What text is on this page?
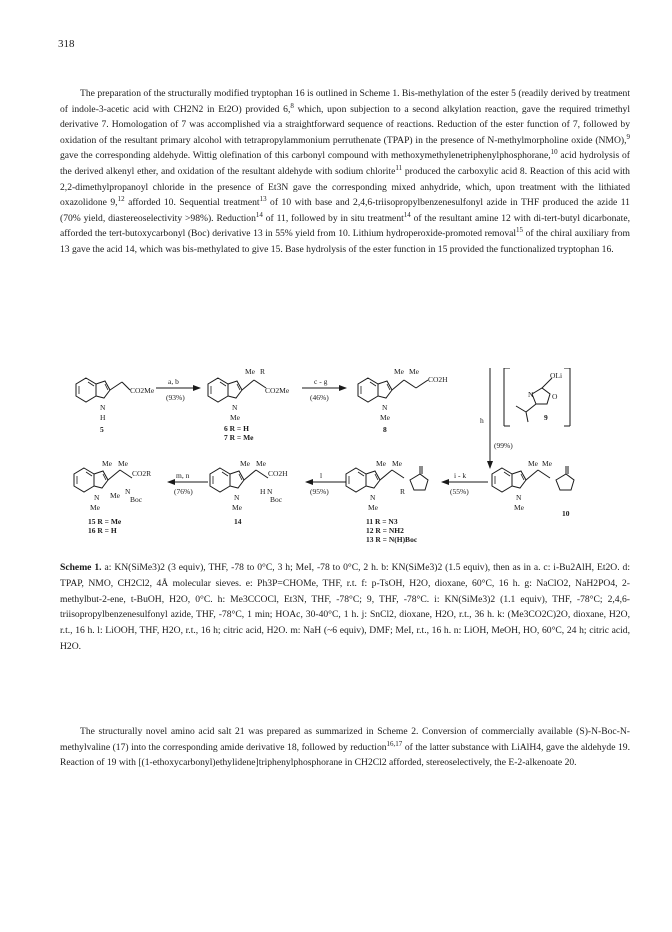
318

The preparation of the structurally modified tryptophan 16 is outlined in Scheme 1. Bis-methylation of the ester 5 (readily derived by treatment of indole-3-acetic acid with CH2N2 in Et2O) provided 6,$^8$ which, upon subjection to a second alkylation reaction, gave the required trimethyl derivative 7. Homologation of 7 was accomplished via a straightforward sequence of reactions. Reduction of the ester function of 7, followed by oxidation of the resultant primary alcohol with tetrapropylammonium perruthenate (TPAP) in the presence of N-methylmorpholine oxide (NMO),$^9$ gave the corresponding aldehyde. Wittig olefination of this carbonyl compound with methoxymethylenetriphenylphosphorane,$^{10}$ acid hydrolysis of the derived alkenyl ether, and oxidation of the resultant aldehyde with sodium chlorite$^{11}$ produced the carboxylic acid 8. Reaction of this acid with 2,2-dimethylpropanoyl chloride in the presence of Et3N gave the corresponding mixed anhydride, which, upon treatment with the lithiated oxazolidone 9,12 afforded 10. Sequential treatment$^{13}$ of 10 with base and 2,4,6-triisopropylbenzenesulfonyl azide in THF produced the azide 11 (70% yield, diastereoselectivity >98%). Reduction$^{14}$ of 11, followed by in situ treatment$^{14}$ of the resultant amine 12 with di-tert-butyl dicarbonate, afforded the tert-butoxycarbonyl (Boc) derivative 13 in 55% yield from 10. Lithium hydroperoxide-promoted removal$^{15}$ of the chiral auxiliary from 13 gave the acid 14, which was bis-methylated to give 15. Base hydrolysis of the ester function in 15 provided the functionalized tryptophan 16.

CO2Me
N
H
5
a, b
(93%)
Me R
CO2Me
N
Me
6 R = H
7 R = Me
c - g
(46%)
Me Me
CO2H
N
Me
8
OLi
N O
9
h
(99%)
Me Me
N
Me
10
i - k
(55%)
Me Me
R
N
Me
11 R = N3
12 R = NH2
13 R = N(H)Boc
l
(95%)
Me Me
CO2H
H N
Boc
N
Me
14
m, n
(76%)
Me Me
CO2R
Me N
Boc
N
Me
15 R = Me
16 R = H

Scheme 1. a: KN(SiMe3)2 (3 equiv), THF, -78 to 0°C, 3 h; MeI, -78 to 0°C, 2 h. b: KN(SiMe3)2 (1.5 equiv), then as in a. c: i-Bu2AlH, Et2O. d: TPAP, NMO, CH2Cl2, 4Å molecular sieves. e: Ph3P=CHOMe, THF, r.t. f: p-TsOH, H2O, dioxane, 60°C, 16 h. g: NaClO2, NaH2PO4, 2-methylbut-2-ene, t-BuOH, H2O, 0°C. h: Me3CCOCl, Et3N, THF, -78°C; 9, THF, -78°C. i: KN(SiMe3)2 (1.1 equiv), THF, -78°C; 2,4,6-triisopropylbenzenesulfonyl azide, THF, -78°C, 1 min; HOAc, 30-40°C, 1 h. j: SnCl2, dioxane, H2O, r.t., 36 h. k: (Me3CO2C)2O, dioxane, H2O, r.t., 16 h. l: LiOOH, THF, H2O, r.t., 16 h; citric acid, H2O. m: NaH (~6 equiv), DMF; MeI, r.t., 16 h. n: LiOH, MeOH, HO, 60°C, 24 h; citric acid, H2O.

The structurally novel amino acid salt 21 was prepared as summarized in Scheme 2. Conversion of commercially available (S)-N-Boc-N-methylvaline (17) into the corresponding amide derivative 18, followed by reduction$^{16,17}$ of the latter substance with LiAlH4, gave the aldehyde 19. Reaction of 19 with [(1-ethoxycarbonyl)ethylidene]triphenylphosphorane in CH2Cl2 afforded, stereoselectively, the E-2-alkenoate 20.
